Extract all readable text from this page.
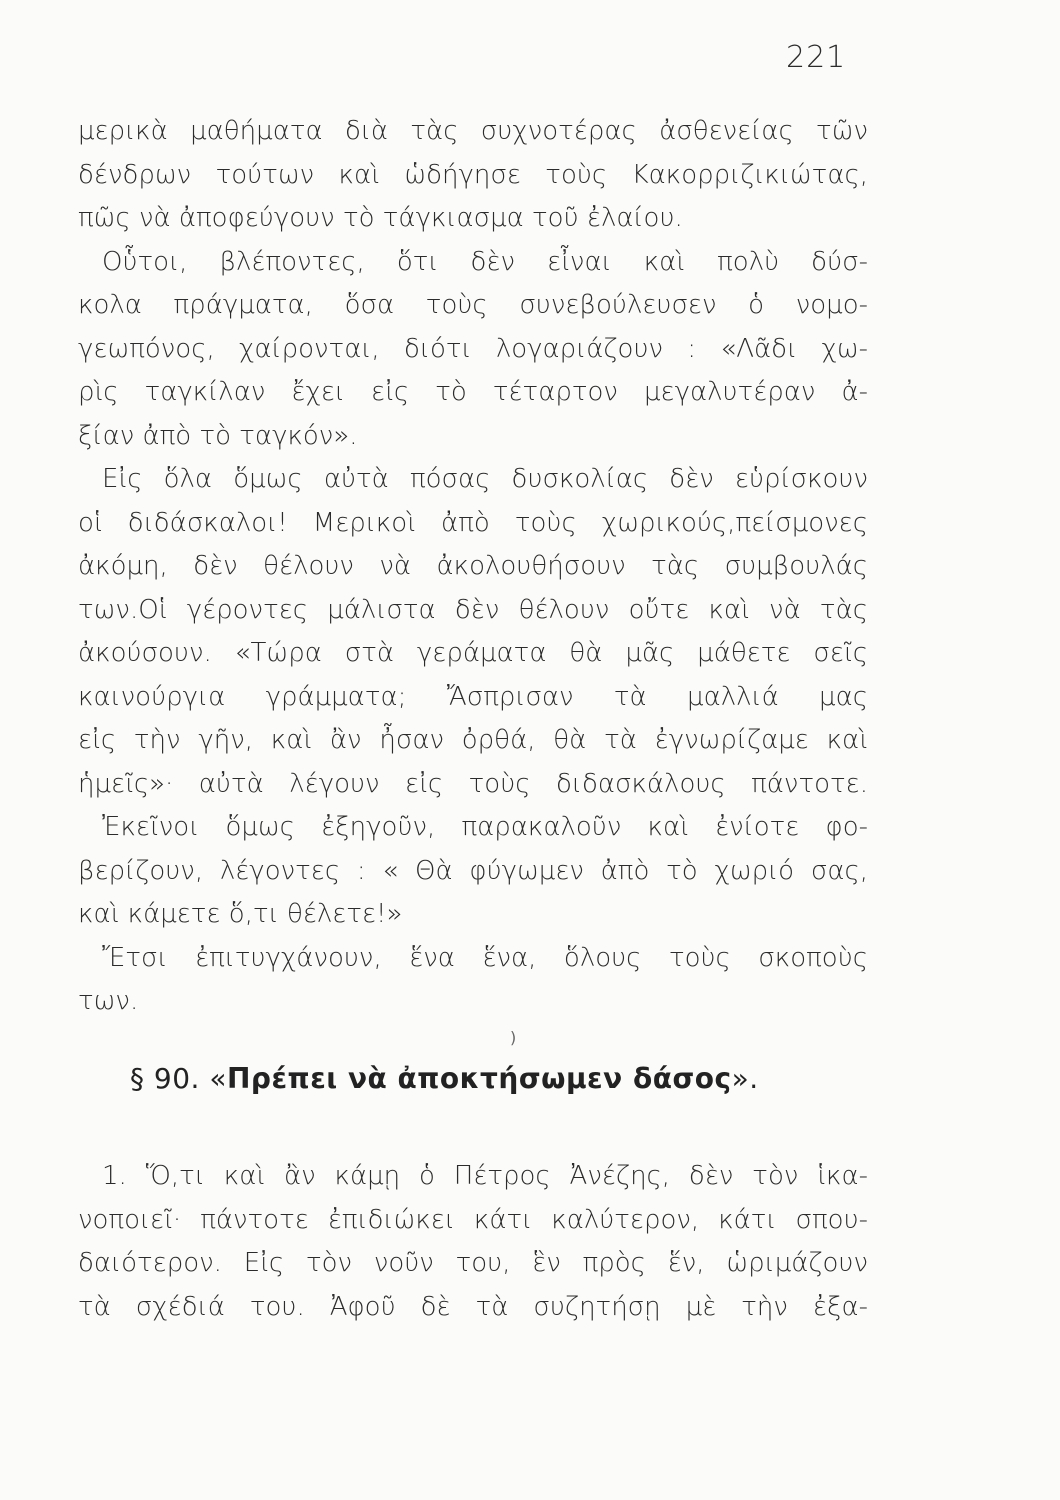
221
μερικὰ μαθήματα διὰ τὰς συχνοτέρας ἀσθενείας τῶν
δένδρων τούτων καὶ ὡδήγησε τοὺς Κακορριζικιώτας,
πῶς νὰ ἀποφεύγουν τὸ τάγκιασμα τοῦ ἐλαίου.
Οὗτοι, βλέποντες, ὅτι δὲν εἶναι καὶ πολὺ δύσ-
κολα πράγματα, ὅσα τοὺς συνεβούλευσεν ὁ νομο-
γεωπόνος, χαίρονται, διότι λογαριάζουν : «Λᾶδι χω-
ρὶς ταγκίλαν ἔχει εἰς τὸ τέταρτον μεγαλυτέραν ἀ-
ξίαν ἀπὸ τὸ ταγκόν».
Εἰς ὅλα ὅμως αὐτὰ πόσας δυσκολίας δὲν εὑρίσκουν
οἱ διδάσκαλοι! Μερικοὶ ἀπὸ τοὺς χωρικούς,πείσμονες
ἀκόμη, δὲν θέλουν νὰ ἀκολουθήσουν τὰς συμβουλάς
των.Οἱ γέροντες μάλιστα δὲν θέλουν οὔτε καὶ νὰ τὰς
ἀκούσουν. «Τώρα στὰ γεράματα θὰ μᾶς μάθετε σεῖς
καινούργια γράμματα; Ἄσπρισαν τὰ μαλλιά μας
εἰς τὴν γῆν, καὶ ἂν ἦσαν ὀρθά, θὰ τὰ ἐγνωρίζαμε καὶ
ἡμεῖς»· αὐτὰ λέγουν εἰς τοὺς διδασκάλους πάντοτε.
Ἐκεῖνοι ὅμως ἐξηγοῦν, παρακαλοῦν καὶ ἐνίοτε φο-
βερίζουν, λέγοντες : « Θὰ φύγωμεν ἀπὸ τὸ χωριό σας,
καὶ κάμετε ὅ,τι θέλετε!»
Ἔτσι ἐπιτυγχάνουν, ἕνα ἕνα, ὅλους τοὺς σκοποὺς
των.
)
§ 90. «Πρέπει νὰ ἀποκτήσωμεν δάσος».
1. Ὅ,τι καὶ ἂν κάμῃ ὁ Πέτρος Ἀνέζης, δὲν τὸν ἱκα-
νοποιεῖ· πάντοτε ἐπιδιώκει κάτι καλύτερον, κάτι σπου-
δαιότερον. Εἰς τὸν νοῦν του, ἓν πρὸς ἕν, ὡριμάζουν
τὰ σχέδιά του. Ἀφοῦ δὲ τὰ συζητήσῃ μὲ τὴν ἐξα-
